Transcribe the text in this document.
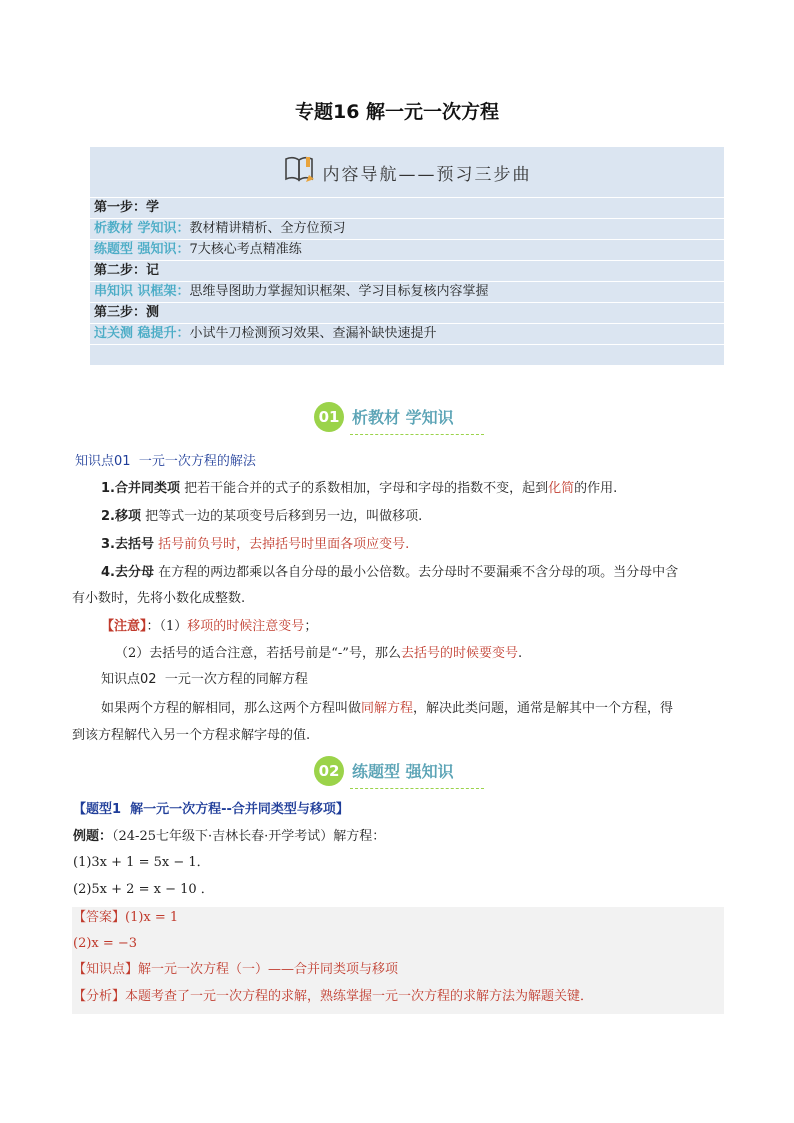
专题16 解一元一次方程
内容导航——预习三步曲
第一步：学
析教材 学知识：教材精讲精析、全方位预习
练题型 强知识：7大核心考点精准练
第二步：记
串知识 识框架：思维导图助力掌握知识框架、学习目标复核内容掌握
第三步：测
过关测 稳提升：小试牛刀检测预习效果、查漏补缺快速提升
01 析教材 学知识
知识点01 一元一次方程的解法
1.合并同类项 把若干能合并的式子的系数相加，字母和字母的指数不变，起到化简的作用.
2.移项 把等式一边的某项变号后移到另一边，叫做移项.
3.去括号 括号前负号时，去掉括号时里面各项应变号.
4.去分母 在方程的两边都乘以各自分母的最小公倍数。去分母时不要漏乘不含分母的项。当分母中含
有小数时，先将小数化成整数.
【注意】：（1）移项的时候注意变号；
（2）去括号的适合注意，若括号前是“-”号，那么去括号的时候要变号.
知识点02 一元一次方程的同解方程
如果两个方程的解相同，那么这两个方程叫做同解方程，解决此类问题，通常是解其中一个方程，得
到该方程解代入另一个方程求解字母的值.
02 练题型 强知识
【题型1 解一元一次方程--合并同类型与移项】
例题：（24-25七年级下·吉林长春·开学考试）解方程：
(1)3x + 1 = 5x − 1．
(2)5x + 2 = x − 10 ．
【答案】(1)x = 1
(2)x = −3
【知识点】解一元一次方程（一）——合并同类项与移项
【分析】本题考查了一元一次方程的求解，熟练掌握一元一次方程的求解方法为解题关键．
